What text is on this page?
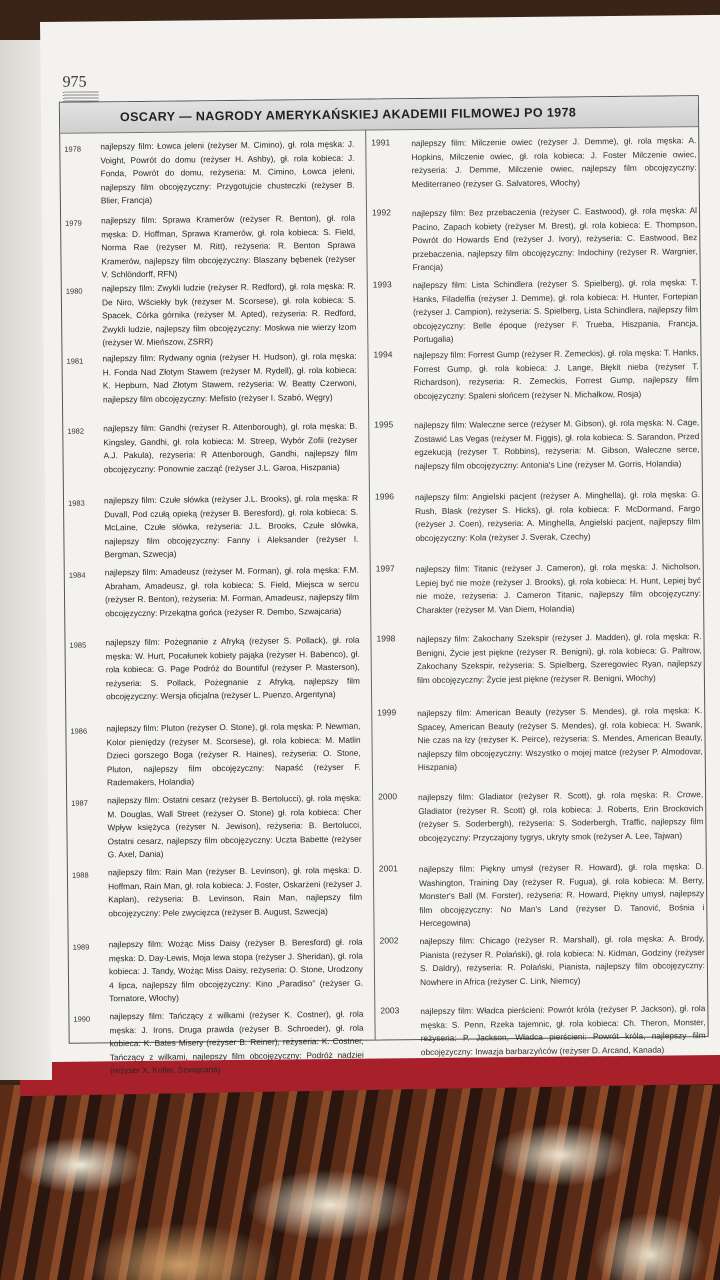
975
OSCARY — NAGRODY AMERYKAŃSKIEJ AKADEMII FILMOWEJ PO 1978
1978 najlepszy film: Łowca jeleni (reżyser M. Cimino), gł. rola męska: J. Voight, Powrót do domu (reżyser H. Ashby), gł. rola kobieca: J. Fonda, Powrót do domu, reżyseria: M. Cimino, Łowca jeleni, najlepszy film obcojęzyczny: Przygotujcie chusteczki (reżyser B. Blier, Francja)
1979 najlepszy film: Sprawa Kramerów (reżyser R. Benton), gł. rola męska: D. Hoffman, Sprawa Kramerów, gł. rola kobieca: S. Field, Norma Rae (reżyser M. Ritt), reżyseria: R. Benton Sprawa Kramerów, najlepszy film obcojęzyczny: Blaszany bębenek (reżyser V. Schlöndorff, RFN)
1980 najlepszy film: Zwykli ludzie (reżyser R. Redford), gł. rola męska: R. De Niro, Wściekły byk (reżyser M. Scorsese), gł. rola kobieca: S. Spacek, Córka górnika (reżyser M. Apted), reżyseria: R. Redford, Zwykli ludzie, najlepszy film obcojęzyczny: Moskwa nie wierzy łzom (reżyser W. Mieńszow, ZSRR)
1981 najlepszy film: Rydwany ognia (reżyser H. Hudson), gł. rola męska: H. Fonda Nad Złotym Stawem (reżyser M. Rydell), gł. rola kobieca: K. Hepburn, Nad Złotym Stawem, reżyseria: W. Beatty Czerwoni, najlepszy film obcojęzyczny: Mefisto (reżyser I. Szabó, Węgry)
1982 najlepszy film: Gandhi (reżyser R. Attenborough), gł. rola męska: B. Kingsley, Gandhi, gł. rola kobieca: M. Streep, Wybór Zofii (reżyser A.J. Pakula), reżyseria: R Attenborough, Gandhi, najlepszy film obcojęzyczny: Ponownie zacząć (reżyser J.L. Garoa, Hiszpania)
1983 najlepszy film: Czułe słówka (reżyser J.L. Brooks), gł. rola męska: R Duvall, Pod czułą opieką (reżyser B. Beresford), gł. rola kobieca: S. McLaine, Czułe słówka, reżyseria: J.L. Brooks, Czułe słówka, najlepszy film obcojęzyczny: Fanny i Aleksander (reżyser I. Bergman, Szwecja)
1984 najlepszy film: Amadeusz (reżyser M. Forman), gł. rola męska: F.M. Abraham, Amadeusz, gł. rola kobieca: S. Field, Miejsca w sercu (reżyser R. Benton), reżyseria: M. Forman, Amadeusz, najlepszy film obcojęzyczny: Przekątna gońca (reżyser R. Dembo, Szwajcaria)
1985 najlepszy film: Pożegnanie z Afryką (reżyser S. Pollack), gł. rola męska: W. Hurt, Pocałunek kobiety pająka (reżyser H. Babenco), gł. rola kobieca: G. Page Podróż do Bountiful (reżyser P. Masterson), reżyseria: S. Pollack, Pożegnanie z Afryką, najlepszy film obcojęzyczny: Wersja oficjalna (reżyser L. Puenzo, Argentyna)
1986 najlepszy film: Pluton (reżyser O. Stone), gł. rola męska: P. Newman, Kolor pieniędzy (reżyser M. Scorsese), gł. rola kobieca: M. Matlin Dzieci gorszego Boga (reżyser R. Haines), reżyseria: O. Stone, Pluton, najlepszy film obcojęzyczny: Napaść (reżyser F. Rademakers, Holandia)
1987 najlepszy film: Ostatni cesarz (reżyser B. Bertolucci), gł. rola męska: M. Douglas, Wall Street (reżyser O. Stone) gł. rola kobieca: Cher Wpływ księżyca (reżyser N. Jewison), reżyseria: B. Bertolucci, Ostatni cesarz, najlepszy film obcojęzyczny: Uczta Babette (reżyser G. Axel, Dania)
1988 najlepszy film: Rain Man (reżyser B. Levinson), gł. rola męska: D. Hoffman, Rain Man, gł. rola kobieca: J. Foster, Oskarżeni (reżyser J. Kaplan), reżyseria: B. Levinson, Rain Man, najlepszy film obcojęzyczny: Pele zwycięzca (reżyser B. August, Szwecja)
1989 najlepszy film: Wożąc Miss Daisy (reżyser B. Beresford) gł. rola męska: D. Day-Lewis, Moja lewa stopa (reżyser J. Sheridan), gł. rola kobieca: J. Tandy, Wożąc Miss Daisy, reżyseria: O. Stone, Urodzony 4 lipca, najlepszy film obcojęzyczny: Kino „Paradiso” (reżyser G. Tornatore, Włochy)
1990 najlepszy film: Tańczący z wilkami (reżyser K. Costner), gł. rola męska: J. Irons, Druga prawda (reżyser B. Schroeder), gł. rola kobieca: K. Bates Misery (reżyser B. Reiner), reżyseria: K. Costner, Tańczący z wilkami, najlepszy film obcojęzyczny: Podróż nadziei (reżyser X. Koller, Szwajcaria)
1991	najlepszy film: Milczenie owiec (reżyser J. Demme), gł. rola męska: A. Hopkins, Milczenie owiec, gł. rola kobieca: J. Foster Milczenie owiec, reżyseria: J. Demme, Milczenie owiec, najlepszy film obcojęzyczny: Mediterraneo (reżyser G. Salvatores, Włochy)
1992	najlepszy film: Bez przebaczenia (reżyser C. Eastwood), gł. rola męska: Al Pacino, Zapach kobiety (reżyser M. Brest), gł. rola kobieca: E. Thompson, Powrót do Howards End (reżyser J. Ivory), reżyseria: C. Eastwood, Bez przebaczenia, najlepszy film obcojęzyczny: Indochiny (reżyser R. Wargnier, Francja)
1993	najlepszy film: Lista Schindlera (reżyser S. Spielberg), gł. rola męska: T. Hanks, Filadelfia (reżyser J. Demme), gł. rola kobieca: H. Hunter, Fortepian (reżyser J. Campion), reżyseria: S. Spielberg, Lista Schindlera, najlepszy film obcojęzyczny: Belle époque (reżyser F. Trueba, Hiszpania, Francja, Portugalia)
1994	najlepszy film: Forrest Gump (reżyser R. Zemeckis), gł. rola męska: T. Hanks, Forrest Gump, gł. rola kobieca: J. Lange, Błękit nieba (reżyser T. Richardson), reżyseria: R. Zemeckis, Forrest Gump, najlepszy film obcojęzyczny: Spaleni słońcem (reżyser N. Michałkow, Rosja)
1995	najlepszy film: Waleczne serce (reżyser M. Gibson), gł. rola męska: N. Cage, Zostawić Las Vegas (reżyser M. Figgis), gł. rola kobieca: S. Sarandon, Przed egzekucją (reżyser T. Robbins), reżyseria: M. Gibson, Waleczne serce, najlepszy film obcojęzyczny: Antonia's Line (reżyser M. Gorris, Holandia)
1996	najlepszy film: Angielski pacjent (reżyser A. Minghella), gł. rola męska: G. Rush, Blask (reżyser S. Hicks), gł. rola kobieca: F. McDormand, Fargo (reżyser J. Coen), reżyseria: A. Minghella, Angielski pacjent, najlepszy film obcojęzyczny: Kola (reżyser J. Sverak, Czechy)
1997	najlepszy film: Titanic (reżyser J. Cameron), gł. rola męska: J. Nicholson, Lepiej być nie może (reżyser J. Brooks), gł. rola kobieca: H. Hunt, Lepiej być nie może, reżyseria: J. Cameron Titanic, najlepszy film obcojęzyczny: Charakter (reżyser M. Van Diem, Holandia)
1998	najlepszy film: Zakochany Szekspir (reżyser J. Madden), gł. rola męska: R. Benigni, Życie jest piękne (reżyser R. Benigni), gł. rola kobieca: G. Paltrow, Zakochany Szekspir, reżyseria: S. Spielberg, Szeregowiec Ryan, najlepszy film obcojęzyczny: Życie jest piękne (reżyser R. Benigni, Włochy)
1999	najlepszy film: American Beauty (reżyser S. Mendes), gł. rola męska: K. Spacey, American Beauty (reżyser S. Mendes), gł. rola kobieca: H. Swank, Nie czas na łzy (reżyser K. Peirce), reżyseria: S. Mendes, American Beauty, najlepszy film obcojęzyczny: Wszystko o mojej matce (reżyser P. Almodovar, Hiszpania)
2000	najlepszy film: Gladiator (reżyser R. Scott), gł. rola męska: R. Crowe, Gladiator (reżyser R. Scott) gł. rola kobieca: J. Roberts, Erin Brockovich (reżyser S. Soderbergh), reżyseria: S. Soderbergh, Traffic, najlepszy film obcojęzyczny: Przyczajony tygrys, ukryty smok (reżyser A. Lee, Tajwan)
2001	najlepszy film: Piękny umysł (reżyser R. Howard), gł. rola męska: D. Washington, Training Day (reżyser R. Fugua), gł. rola kobieca: M. Berry, Monster's Ball (M. Forster), reżyseria: R. Howard, Piękny umysł, najlepszy film obcojęzyczny: No Man's Land (reżyser D. Tanović, Bośnia i Hercegowina)
2002	najlepszy film: Chicago (reżyser R. Marshall), gł. rola męska: A. Brody, Pianista (reżyser R. Polański), gł. rola kobieca: N. Kidman, Godziny (reżyser S. Daldry), reżyseria: R. Polański, Pianista, najlepszy film obcojęzyczny: Nowhere in Africa (reżyser C. Link, Niemcy)
2003	najlepszy film: Władca pierścieni: Powrót króla (reżyser P. Jackson), gł. rola męska: S. Penn, Rzeka tajemnic, gł. rola kobieca: Ch. Theron, Monster, reżyseria: P. Jackson, Władca pierścieni: Powrót króla, najlepszy film obcojęzyczny: Inwazja barbarzyńców (reżyser D. Arcand, Kanada)
